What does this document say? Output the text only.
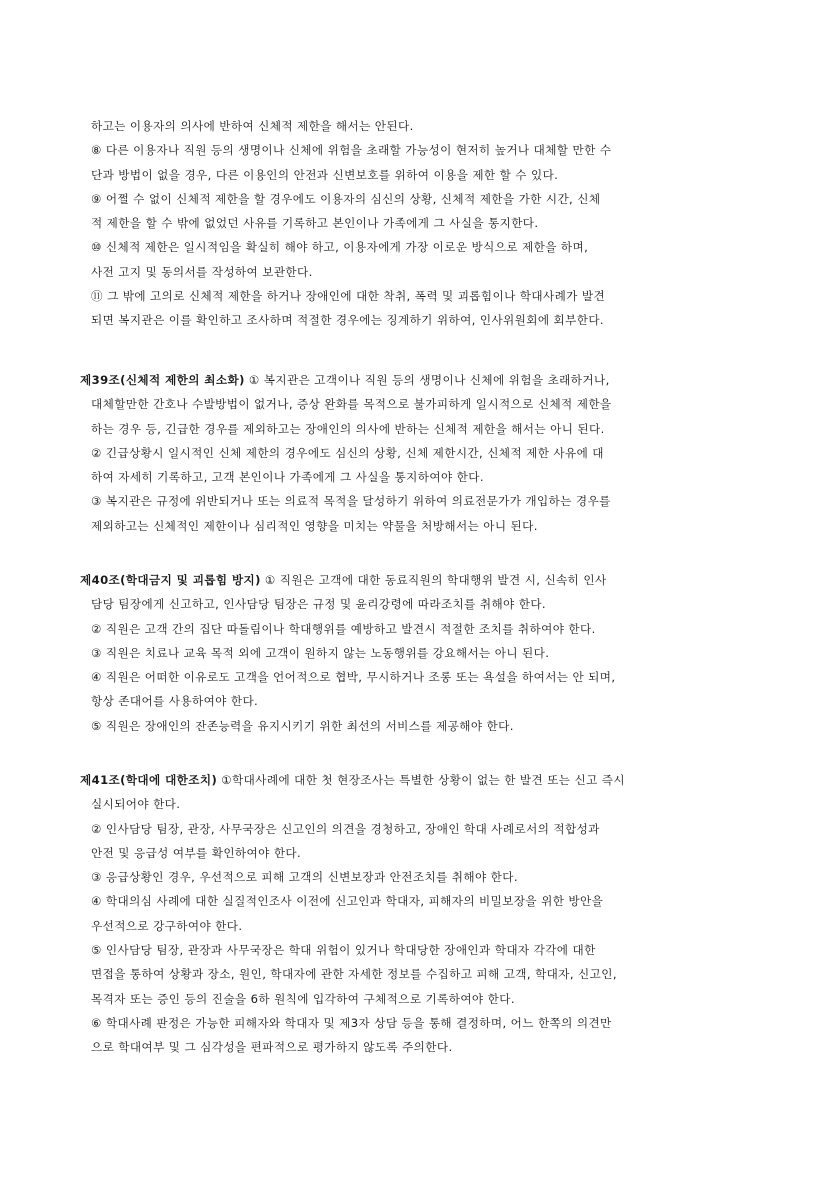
하고는 이용자의 의사에 반하여 신체적 제한을 해서는 안된다.
⑧ 다른 이용자나 직원 등의 생명이나 신체에 위험을 초래할 가능성이 현저히 높거나 대체할 만한 수
단과 방법이 없을 경우, 다른 이용인의 안전과 신변보호를 위하여 이용을 제한 할 수 있다.
⑨ 어쩔 수 없이 신체적 제한을 할 경우에도 이용자의 심신의 상황, 신체적 제한을 가한 시간, 신체
적 제한을 할 수 밖에 없었던 사유를 기록하고 본인이나 가족에게 그 사실을 통지한다.
⑩ 신체적 제한은 일시적임을 확실히 해야 하고, 이용자에게 가장 이로운 방식으로 제한을 하며,
사전 고지 및 동의서를 작성하여 보관한다.
⑪ 그 밖에 고의로 신체적 제한을 하거나 장애인에 대한 착취, 폭력 및 괴롭힘이나 학대사례가 발견
되면 복지관은 이를 확인하고 조사하며 적절한 경우에는 징계하기 위하여, 인사위원회에 회부한다.
제39조(신체적 제한의 최소화) ① 복지관은 고객이나 직원 등의 생명이나 신체에 위험을 초래하거나,
대체할만한 간호나 수발방법이 없거나, 증상 완화를 목적으로 불가피하게 일시적으로 신체적 제한을
하는 경우 등, 긴급한 경우를 제외하고는 장애인의 의사에 반하는 신체적 제한을 해서는 아니 된다.
② 긴급상황시 일시적인 신체 제한의 경우에도 심신의 상황, 신체 제한시간, 신체적 제한 사유에 대
하여 자세히 기록하고, 고객 본인이나 가족에게 그 사실을 통지하여야 한다.
③ 복지관은 규정에 위반되거나 또는 의료적 목적을 달성하기 위하여 의료전문가가 개입하는 경우를
제외하고는 신체적인 제한이나 심리적인 영향을 미치는 약물을 처방해서는 아니 된다.
제40조(학대금지 및 괴롭힘 방지) ① 직원은 고객에 대한 동료직원의 학대행위 발견 시, 신속히 인사
담당 팀장에게 신고하고, 인사담당 팀장은 규정 및 윤리강령에 따라조치를 취해야 한다.
② 직원은 고객 간의 집단 따돌림이나 학대행위를 예방하고 발견시 적절한 조치를 취하여야 한다.
③ 직원은 치료나 교육 목적 외에 고객이 원하지 않는 노동행위를 강요해서는 아니 된다.
④ 직원은 어떠한 이유로도 고객을 언어적으로 협박, 무시하거나 조롱 또는 욕설을 하여서는 안 되며,
항상 존대어를 사용하여야 한다.
⑤ 직원은 장애인의 잔존능력을 유지시키기 위한 최선의 서비스를 제공해야 한다.
제41조(학대에 대한조치) ①학대사례에 대한 첫 현장조사는 특별한 상황이 없는 한 발견 또는 신고 즉시
실시되어야 한다.
② 인사담당 팀장, 관장, 사무국장은 신고인의 의견을 경청하고, 장애인 학대 사례로서의 적합성과
안전 및 응급성 여부를 확인하여야 한다.
③ 응급상황인 경우, 우선적으로 피해 고객의 신변보장과 안전조치를 취해야 한다.
④ 학대의심 사례에 대한 실질적인조사 이전에 신고인과 학대자, 피해자의 비밀보장을 위한 방안을
우선적으로 강구하여야 한다.
⑤ 인사담당 팀장, 관장과 사무국장은 학대 위험이 있거나 학대당한 장애인과 학대자 각각에 대한
면접을 통하여 상황과 장소, 원인, 학대자에 관한 자세한 정보를 수집하고 피해 고객, 학대자, 신고인,
목격자 또는 증인 등의 진술을 6하 원칙에 입각하여 구체적으로 기록하여야 한다.
⑥ 학대사례 판정은 가능한 피해자와 학대자 및 제3자 상담 등을 통해 결정하며, 어느 한쪽의 의견만
으로 학대여부 및 그 심각성을 편파적으로 평가하지 않도록 주의한다.
